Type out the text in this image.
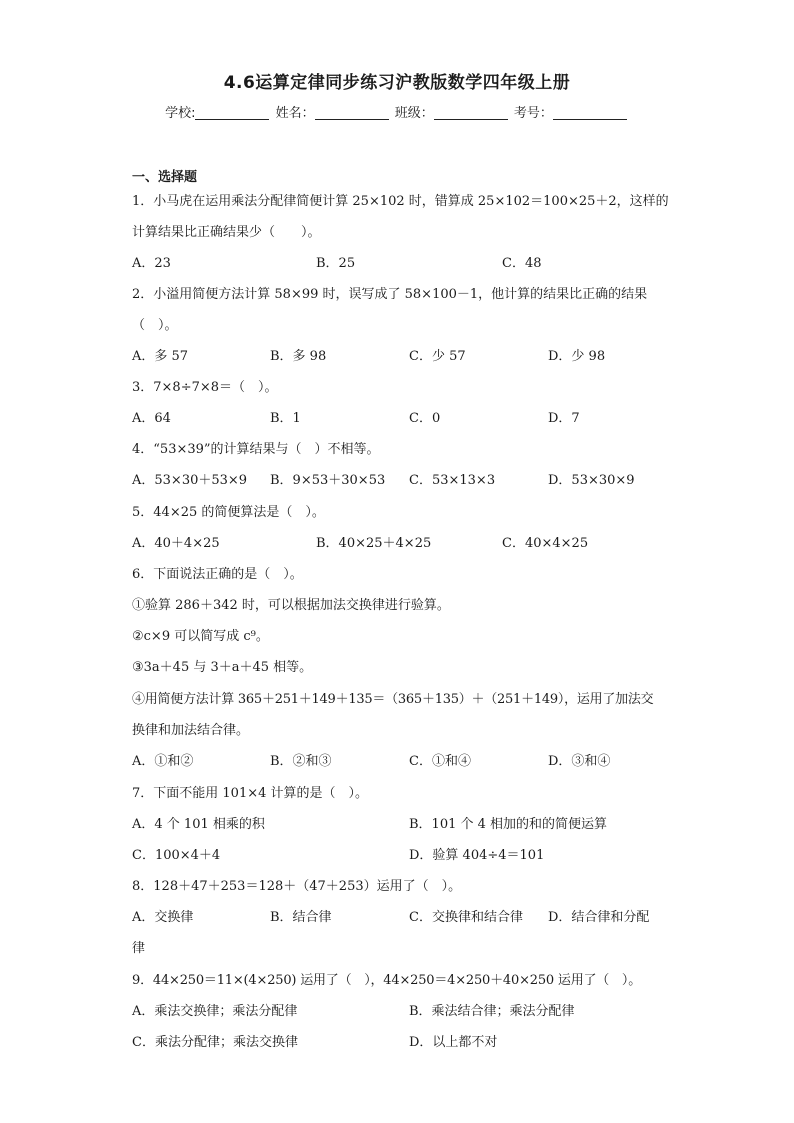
4.6运算定律同步练习沪教版数学四年级上册
学校:	姓名：	班级：	考号：
一、选择题
1．小马虎在运用乘法分配律简便计算 25×102 时，错算成 25×102＝100×25＋2，这样的
计算结果比正确结果少（　　）。
A．23	B．25	C．48
2．小溢用简便方法计算 58×99 时，误写成了 58×100－1，他计算的结果比正确的结果
（　）。
A．多 57	B．多 98	C．少 57	D．少 98
3．7×8÷7×8＝（　）。
A．64	B．1	C．0	D．7
4．“53×39”的计算结果与（　）不相等。
A．53×30＋53×9 B．9×53＋30×53 C．53×13×3	D．53×30×9
5．44×25 的简便算法是（　）。
A．40＋4×25	B．40×25＋4×25	C．40×4×25
6．下面说法正确的是（　）。
①验算 286＋342 时，可以根据加法交换律进行验算。
②c×9 可以简写成 c⁹。
③3a＋45 与 3＋a＋45 相等。
④用简便方法计算 365＋251＋149＋135＝（365＋135）＋（251＋149），运用了加法交
换律和加法结合律。
A．①和②	B．②和③	C．①和④	D．③和④
7．下面不能用 101×4 计算的是（　）。
A．4 个 101 相乘的积	B．101 个 4 相加的和的简便运算
C．100×4＋4	D．验算 404÷4＝101
8．128＋47＋253＝128＋（47＋253）运用了（　）。
A．交换律	B．结合律	C．交换律和结合律 D．结合律和分配
律
9．44×250＝11×(4×250) 运用了（　），44×250＝4×250＋40×250 运用了（　）。
A．乘法交换律；乘法分配律	B．乘法结合律；乘法分配律
C．乘法分配律；乘法交换律	D．以上都不对
